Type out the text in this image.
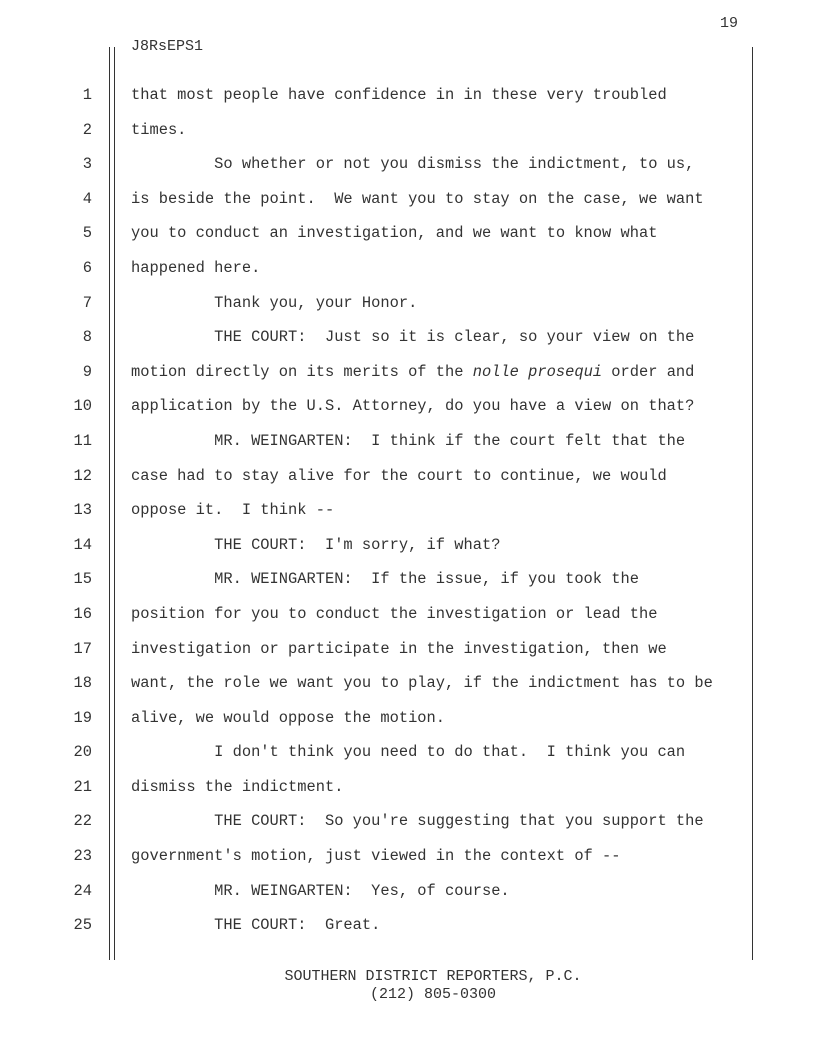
19
J8RsEPS1
1	that most people have confidence in in these very troubled
2	times.
3	So whether or not you dismiss the indictment, to us,
4	is beside the point.  We want you to stay on the case, we want
5	you to conduct an investigation, and we want to know what
6	happened here.
7	Thank you, your Honor.
8	THE COURT:  Just so it is clear, so your view on the
9	motion directly on its merits of the nolle prosequi order and
10	application by the U.S. Attorney, do you have a view on that?
11	MR. WEINGARTEN:  I think if the court felt that the
12	case had to stay alive for the court to continue, we would
13	oppose it.  I think --
14	THE COURT:  I'm sorry, if what?
15	MR. WEINGARTEN:  If the issue, if you took the
16	position for you to conduct the investigation or lead the
17	investigation or participate in the investigation, then we
18	want, the role we want you to play, if the indictment has to be
19	alive, we would oppose the motion.
20	I don't think you need to do that.  I think you can
21	dismiss the indictment.
22	THE COURT:  So you're suggesting that you support the
23	government's motion, just viewed in the context of --
24	MR. WEINGARTEN:  Yes, of course.
25	THE COURT:  Great.
SOUTHERN DISTRICT REPORTERS, P.C.
(212) 805-0300
